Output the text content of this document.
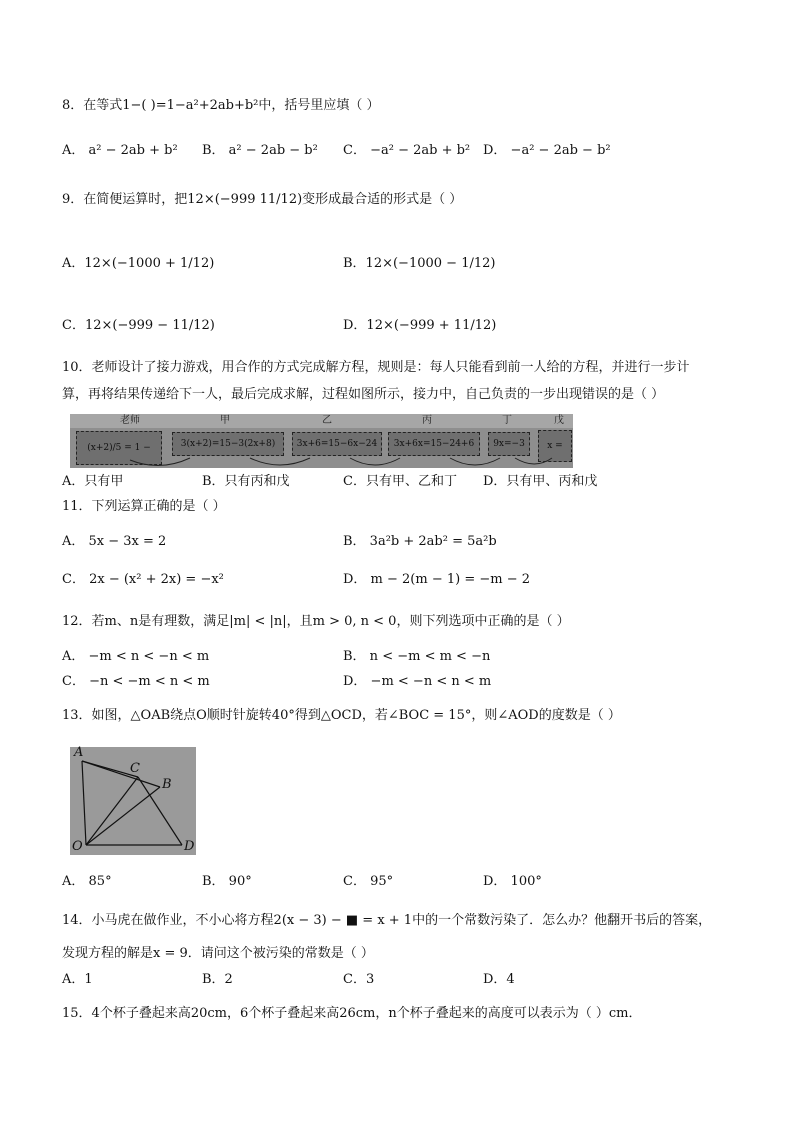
8．在等式1−( )=1−a²+2ab+b²中，括号里应填（ ）
A． a² − 2ab + b² B． a² − 2ab − b² C． −a² − 2ab + b² D． −a² − 2ab − b²
9．在简便运算时，把12×(−999 11/12)变形成最合适的形式是（ ）
A．12×(−1000 + 1/12)	B．12×(−1000 − 1/12)
C．12×(−999 − 11/12)	D．12×(−999 + 11/12)
10．老师设计了接力游戏，用合作的方式完成解方程，规则是：每人只能看到前一人给的方程，并进行一步计
算，再将结果传递给下一人，最后完成求解，过程如图所示，接力中，自己负责的一步出现错误的是（ ）
老师	甲	乙	丙	丁	戊
(x+2)/5 = 1 −	3(x+2)=15−3(2x+8)	3x+6=15−6x−24	3x+6x=15−24+6	9x=−3	x =
A．只有甲	B．只有丙和戊	C．只有甲、乙和丁 D．只有甲、丙和戊
11．下列运算正确的是（ ）
A． 5x − 3x = 2	B． 3a²b + 2ab² = 5a²b
C． 2x − (x² + 2x) = −x²	D． m − 2(m − 1) = −m − 2
12．若m、n是有理数，满足|m| < |n|，且m > 0, n < 0，则下列选项中正确的是（ ）
A． −m < n < −n < m	B． n < −m < m < −n
C． −n < −m < n < m	D． −m < −n < n < m
13．如图，△OAB绕点O顺时针旋转40°得到△OCD，若∠BOC = 15°，则∠AOD的度数是（ ）
A
C
B
O	D
A． 85°	B． 90°	C． 95°	D． 100°
14．小马虎在做作业，不小心将方程2(x − 3) − ■ = x + 1中的一个常数污染了．怎么办？他翻开书后的答案，
发现方程的解是x = 9．请问这个被污染的常数是（ ）
A．1	B．2	C．3	D．4
15．4个杯子叠起来高20cm，6个杯子叠起来高26cm，n个杯子叠起来的高度可以表示为（ ）cm．
